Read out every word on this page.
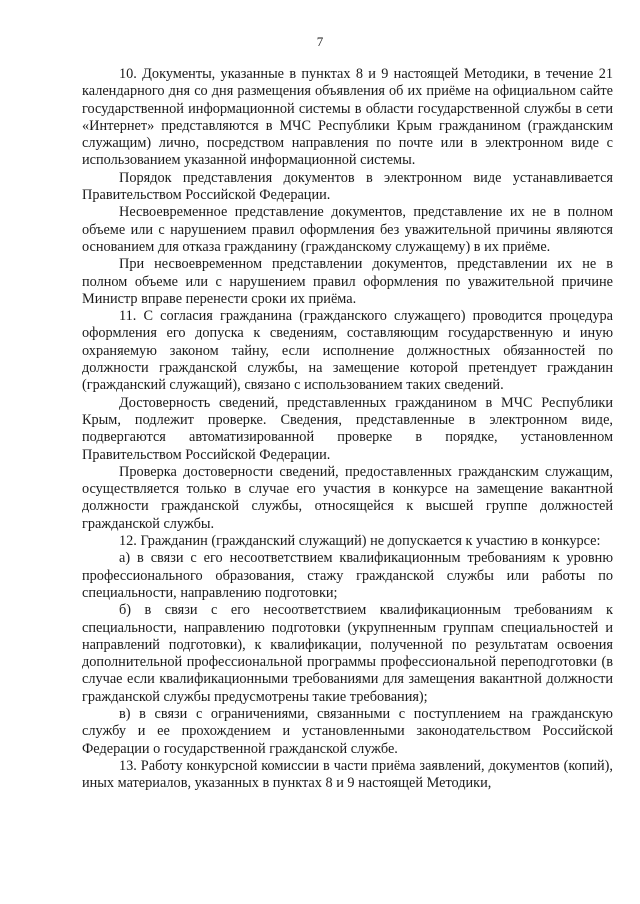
7

10. Документы, указанные в пунктах 8 и 9 настоящей Методики, в течение 21 календарного дня со дня размещения объявления об их приёме на официальном сайте государственной информационной системы в области государственной службы в сети «Интернет» представляются в МЧС Республики Крым гражданином (гражданским служащим) лично, посредством направления по почте или в электронном виде с использованием указанной информационной системы.

Порядок представления документов в электронном виде устанавливается Правительством Российской Федерации.

Несвоевременное представление документов, представление их не в полном объеме или с нарушением правил оформления без уважительной причины являются основанием для отказа гражданину (гражданскому служащему) в их приёме.

При несвоевременном представлении документов, представлении их не в полном объеме или с нарушением правил оформления по уважительной причине Министр вправе перенести сроки их приёма.

11. С согласия гражданина (гражданского служащего) проводится процедура оформления его допуска к сведениям, составляющим государственную и иную охраняемую законом тайну, если исполнение должностных обязанностей по должности гражданской службы, на замещение которой претендует гражданин (гражданский служащий), связано с использованием таких сведений.

Достоверность сведений, представленных гражданином в МЧС Республики Крым, подлежит проверке. Сведения, представленные в электронном виде, подвергаются автоматизированной проверке в порядке, установленном Правительством Российской Федерации.

Проверка достоверности сведений, предоставленных гражданским служащим, осуществляется только в случае его участия в конкурсе на замещение вакантной должности гражданской службы, относящейся к высшей группе должностей гражданской службы.

12. Гражданин (гражданский служащий) не допускается к участию в конкурсе:

а) в связи с его несоответствием квалификационным требованиям к уровню профессионального образования, стажу гражданской службы или работы по специальности, направлению подготовки;

б) в связи с его несоответствием квалификационным требованиям к специальности, направлению подготовки (укрупненным группам специальностей и направлений подготовки), к квалификации, полученной по результатам освоения дополнительной профессиональной программы профессиональной переподготовки (в случае если квалификационными требованиями для замещения вакантной должности гражданской службы предусмотрены такие требования);

в) в связи с ограничениями, связанными с поступлением на гражданскую службу и ее прохождением и установленными законодательством Российской Федерации о государственной гражданской службе.

13. Работу конкурсной комиссии в части приёма заявлений, документов (копий), иных материалов, указанных в пунктах 8 и 9 настоящей Методики,
